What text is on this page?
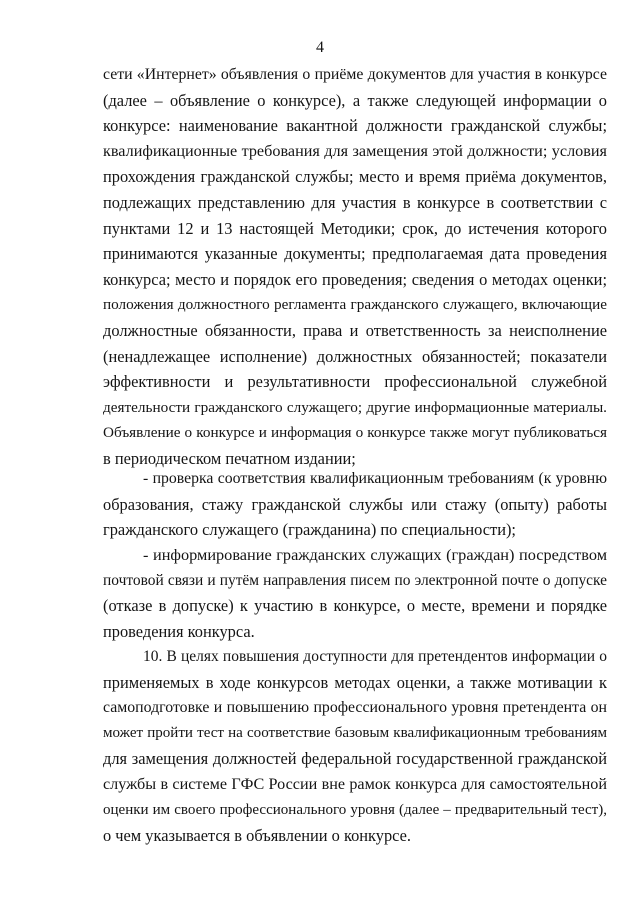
4
сети «Интернет» объявления о приёме документов для участия в конкурсе
(далее – объявление о конкурсе), а также следующей информации о
конкурсе: наименование вакантной должности гражданской службы;
квалификационные требования для замещения этой должности; условия
прохождения гражданской службы; место и время приёма документов,
подлежащих представлению для участия в конкурсе в соответствии с
пунктами 12 и 13 настоящей Методики; срок, до истечения которого
принимаются указанные документы; предполагаемая дата проведения
конкурса; место и порядок его проведения; сведения о методах оценки;
положения должностного регламента гражданского служащего, включающие
должностные обязанности, права и ответственность за неисполнение
(ненадлежащее исполнение) должностных обязанностей; показатели
эффективности и результативности профессиональной служебной
деятельности гражданского служащего; другие информационные материалы.
Объявление о конкурсе и информация о конкурсе также могут публиковаться
в периодическом печатном издании;
- проверка соответствия квалификационным требованиям (к уровню
образования, стажу гражданской службы или стажу (опыту) работы
гражданского служащего (гражданина) по специальности);
- информирование гражданских служащих (граждан) посредством
почтовой связи и путём направления писем по электронной почте о допуске
(отказе в допуске) к участию в конкурсе, о месте, времени и порядке
проведения конкурса.
10. В целях повышения доступности для претендентов информации о
применяемых в ходе конкурсов методах оценки, а также мотивации к
самоподготовке и повышению профессионального уровня претендента он
может пройти тест на соответствие базовым квалификационным требованиям
для замещения должностей федеральной государственной гражданской
службы в системе ГФС России вне рамок конкурса для самостоятельной
оценки им своего профессионального уровня (далее – предварительный тест),
о чем указывается в объявлении о конкурсе.
